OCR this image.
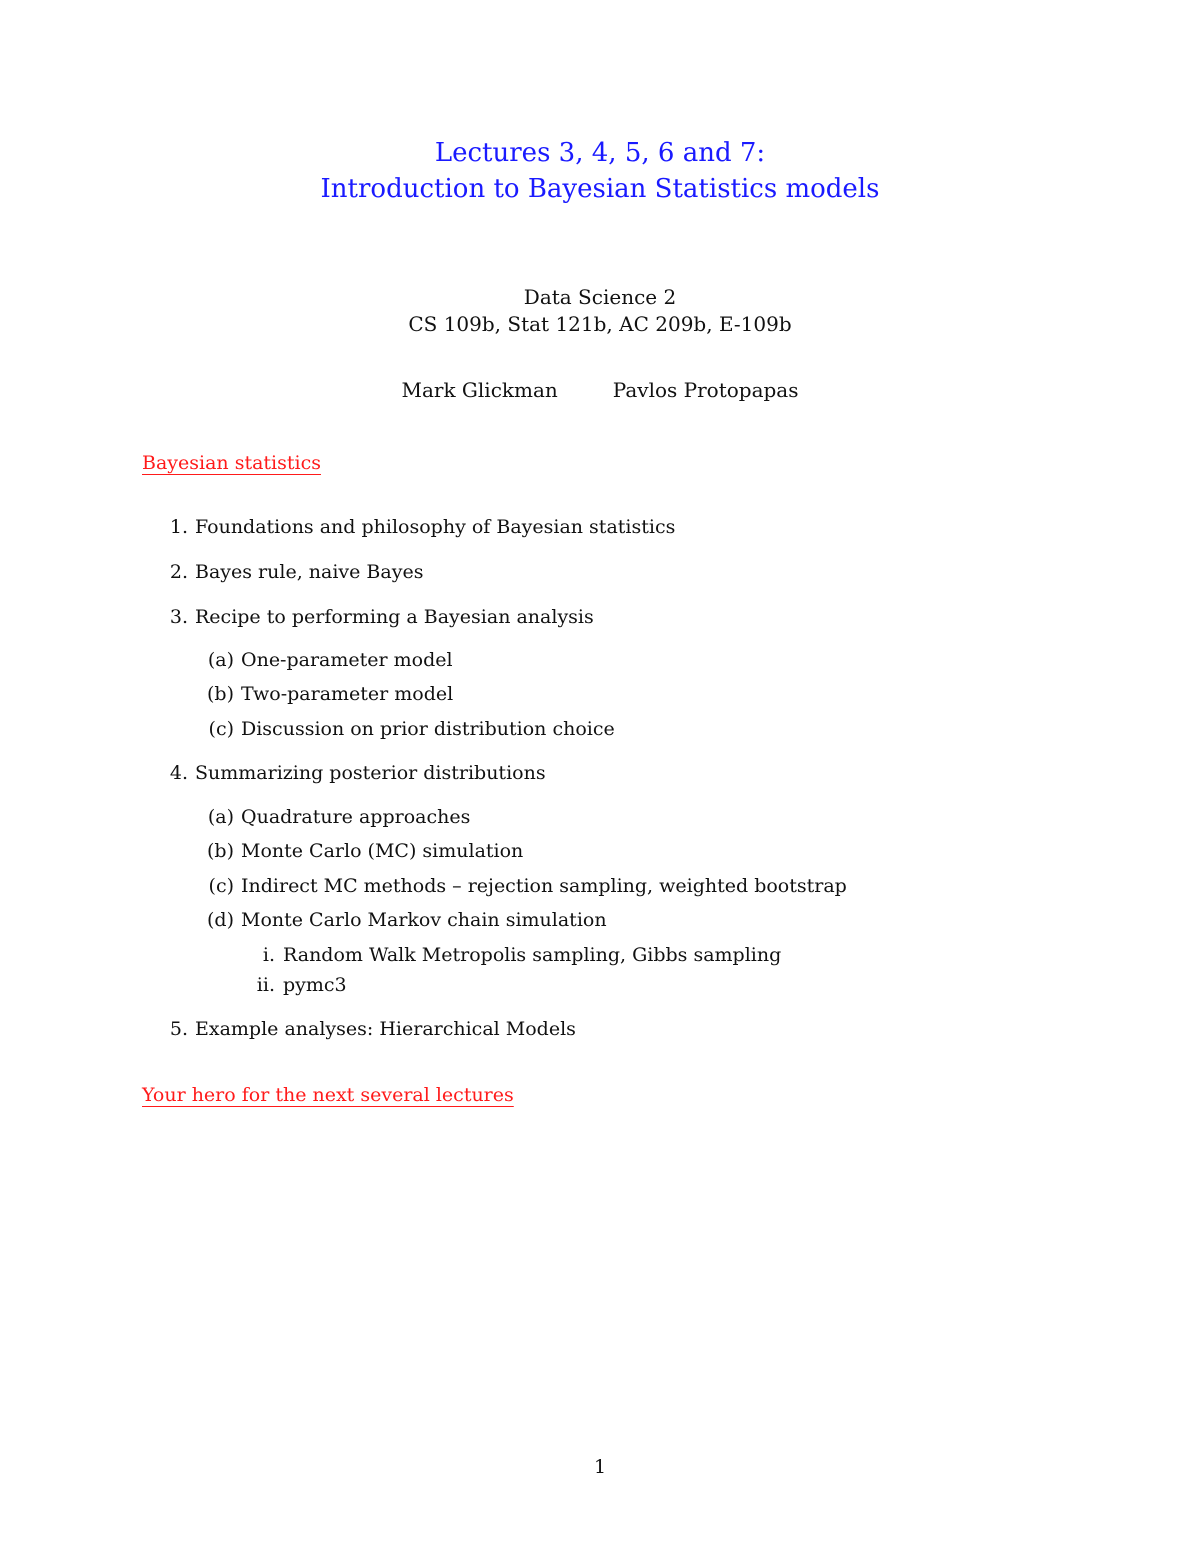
Lectures 3, 4, 5, 6 and 7:
Introduction to Bayesian Statistics models
Data Science 2
CS 109b, Stat 121b, AC 209b, E-109b
Mark Glickman	Pavlos Protopapas
Bayesian statistics
1. Foundations and philosophy of Bayesian statistics
2. Bayes rule, naive Bayes
3. Recipe to performing a Bayesian analysis
(a) One-parameter model
(b) Two-parameter model
(c) Discussion on prior distribution choice
4. Summarizing posterior distributions
(a) Quadrature approaches
(b) Monte Carlo (MC) simulation
(c) Indirect MC methods – rejection sampling, weighted bootstrap
(d) Monte Carlo Markov chain simulation
i. Random Walk Metropolis sampling, Gibbs sampling
ii. pymc3
5. Example analyses: Hierarchical Models
Your hero for the next several lectures
1
